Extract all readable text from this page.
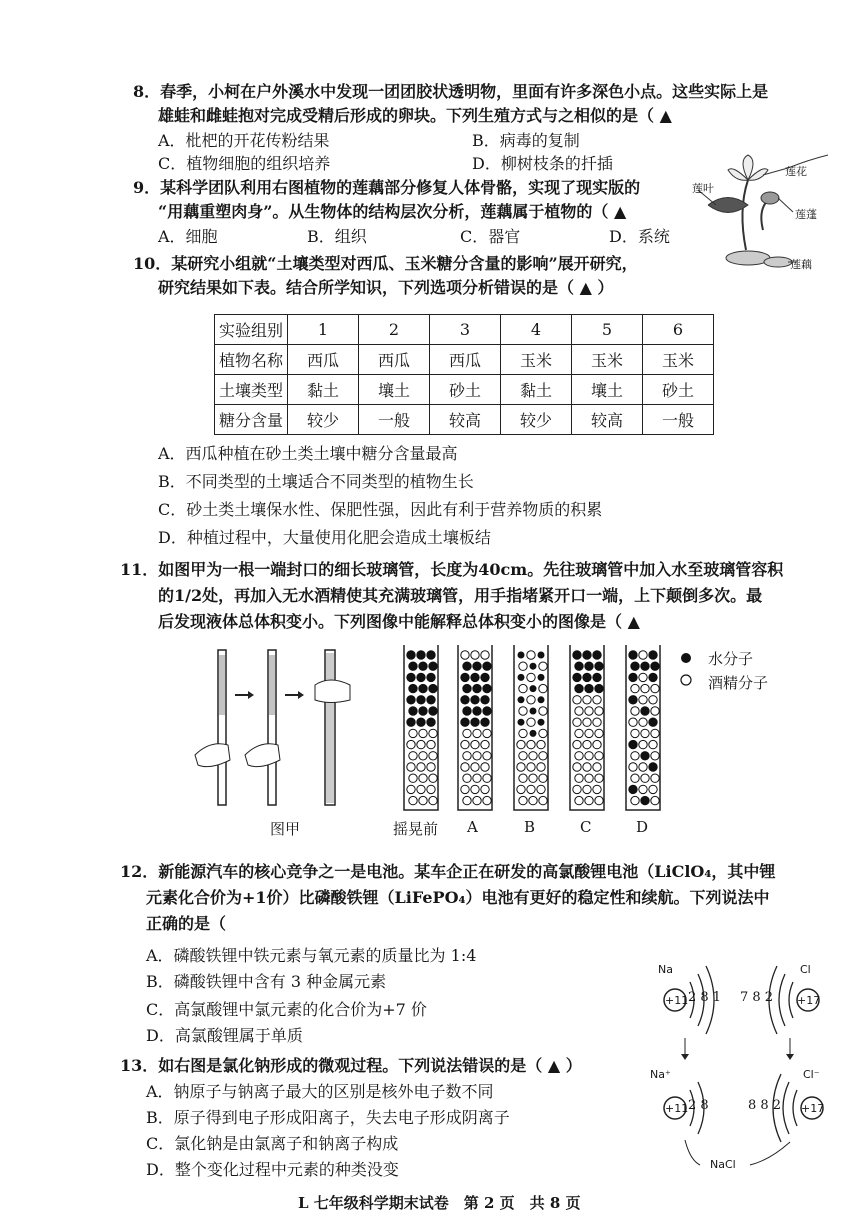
8．春季，小柯在户外溪水中发现一团团胶状透明物，里面有许多深色小点。这些实际上是
雄蛙和雌蛙抱对完成受精后形成的卵块。下列生殖方式与之相似的是（ ▲
A．枇杷的开花传粉结果	B．病毒的复制
C．植物细胞的组织培养	D．柳树枝条的扦插
9．某科学团队利用右图植物的莲藕部分修复人体骨骼，实现了现实版的
“用藕重塑肉身”。从生物体的结构层次分析，莲藕属于植物的（ ▲
A．细胞	B．组织	C．器官	D．系统
莲花
莲叶
莲蓬
莲藕
10．某研究小组就“土壤类型对西瓜、玉米糖分含量的影响”展开研究，
研究结果如下表。结合所学知识，下列选项分析错误的是（ ▲ ）
实验组别	1	2	3	4	5	6
植物名称	西瓜	西瓜	西瓜	玉米	玉米	玉米
土壤类型	黏土	壤土	砂土	黏土	壤土	砂土
糖分含量	较少	一般	较高	较少	较高	一般
A．西瓜种植在砂土类土壤中糖分含量最高
B．不同类型的土壤适合不同类型的植物生长
C．砂土类土壤保水性、保肥性强，因此有利于营养物质的积累
D．种植过程中，大量使用化肥会造成土壤板结
11．如图甲为一根一端封口的细长玻璃管，长度为40cm。先往玻璃管中加入水至玻璃管容积
的1/2处，再加入无水酒精使其充满玻璃管，用手指堵紧开口一端，上下颠倒多次。最
后发现液体总体积变小。下列图像中能解释总体积变小的图像是（ ▲
图甲	摇晃前 A	B	C	D
水分子
酒精分子
12．新能源汽车的核心竞争之一是电池。某车企正在研发的高氯酸锂电池（LiClO₄，其中锂
元素化合价为+1价）比磷酸铁锂（LiFePO₄）电池有更好的稳定性和续航。下列说法中
正确的是（
A．磷酸铁锂中铁元素与氧元素的质量比为 1:4
B．磷酸铁锂中含有 3 种金属元素
C．高氯酸锂中氯元素的化合价为+7 价
D．高氯酸锂属于单质
13．如右图是氯化钠形成的微观过程。下列说法错误的是（ ▲ ）
A．钠原子与钠离子最大的区别是核外电子数不同
B．原子得到电子形成阳离子，失去电子形成阴离子
C．氯化钠是由氯离子和钠离子构成
D．整个变化过程中元素的种类没变
Na	Cl
+11	+17
2 8 1 7 8 2
Na⁺	Cl⁻
+11	+17
2 8	8 8 2
NaCl
L 七年级科学期末试卷　第 2 页　共 8 页
